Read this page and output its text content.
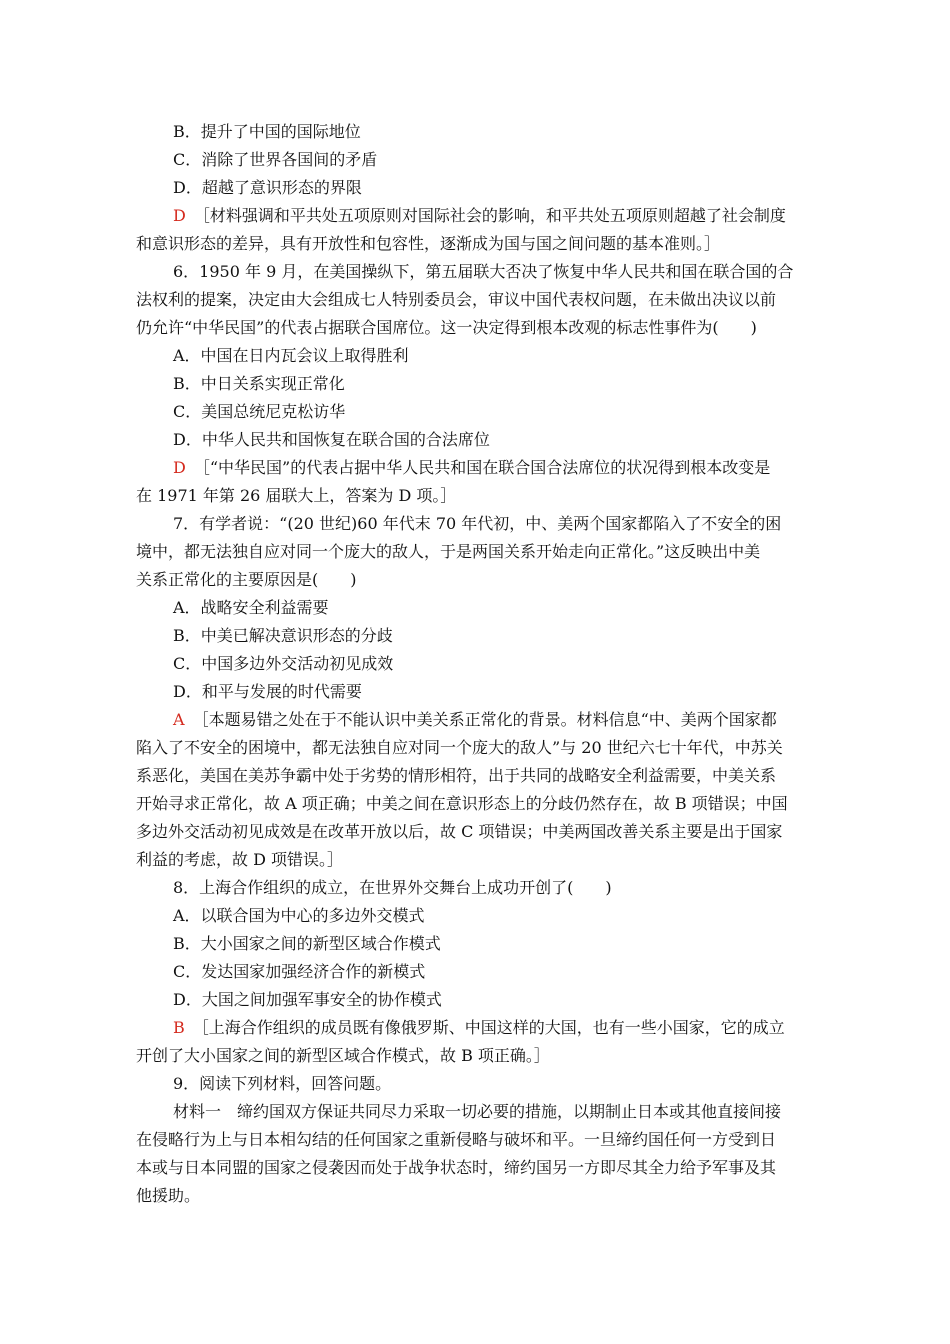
B．提升了中国的国际地位
C．消除了世界各国间的矛盾
D．超越了意识形态的界限
D　 ［材料强调和平共处五项原则对国际社会的影响，和平共处五项原则超越了社会制度
和意识形态的差异，具有开放性和包容性，逐渐成为国与国之间问题的基本准则。］
6．1950 年 9 月，在美国操纵下，第五届联大否决了恢复中华人民共和国在联合国的合
法权利的提案，决定由大会组成七人特别委员会，审议中国代表权问题，在未做出决议以前
仍允许“中华民国”的代表占据联合国席位。这一决定得到根本改观的标志性事件为(　　)
A．中国在日内瓦会议上取得胜利
B．中日关系实现正常化
C．美国总统尼克松访华
D．中华人民共和国恢复在联合国的合法席位
D　 ［“中华民国”的代表占据中华人民共和国在联合国合法席位的状况得到根本改变是
在 1971 年第 26 届联大上，答案为 D 项。］
7．有学者说：“(20 世纪)60 年代末 70 年代初，中、美两个国家都陷入了不安全的困
境中，都无法独自应对同一个庞大的敌人，于是两国关系开始走向正常化。”这反映出中美
关系正常化的主要原因是(　　)
A．战略安全利益需要
B．中美已解决意识形态的分歧
C．中国多边外交活动初见成效
D．和平与发展的时代需要
A　 ［本题易错之处在于不能认识中美关系正常化的背景。材料信息“中、美两个国家都
陷入了不安全的困境中，都无法独自应对同一个庞大的敌人”与 20 世纪六七十年代，中苏关
系恶化，美国在美苏争霸中处于劣势的情形相符，出于共同的战略安全利益需要，中美关系
开始寻求正常化，故 A 项正确；中美之间在意识形态上的分歧仍然存在，故 B 项错误；中国
多边外交活动初见成效是在改革开放以后，故 C 项错误；中美两国改善关系主要是出于国家
利益的考虑，故 D 项错误。］
8．上海合作组织的成立，在世界外交舞台上成功开创了(　　)
A．以联合国为中心的多边外交模式
B．大小国家之间的新型区域合作模式
C．发达国家加强经济合作的新模式
D．大国之间加强军事安全的协作模式
B　 ［上海合作组织的成员既有像俄罗斯、中国这样的大国，也有一些小国家，它的成立
开创了大小国家之间的新型区域合作模式，故 B 项正确。］
9．阅读下列材料，回答问题。
材料一　缔约国双方保证共同尽力采取一切必要的措施，以期制止日本或其他直接间接
在侵略行为上与日本相勾结的任何国家之重新侵略与破坏和平。一旦缔约国任何一方受到日
本或与日本同盟的国家之侵袭因而处于战争状态时，缔约国另一方即尽其全力给予军事及其
他援助。
